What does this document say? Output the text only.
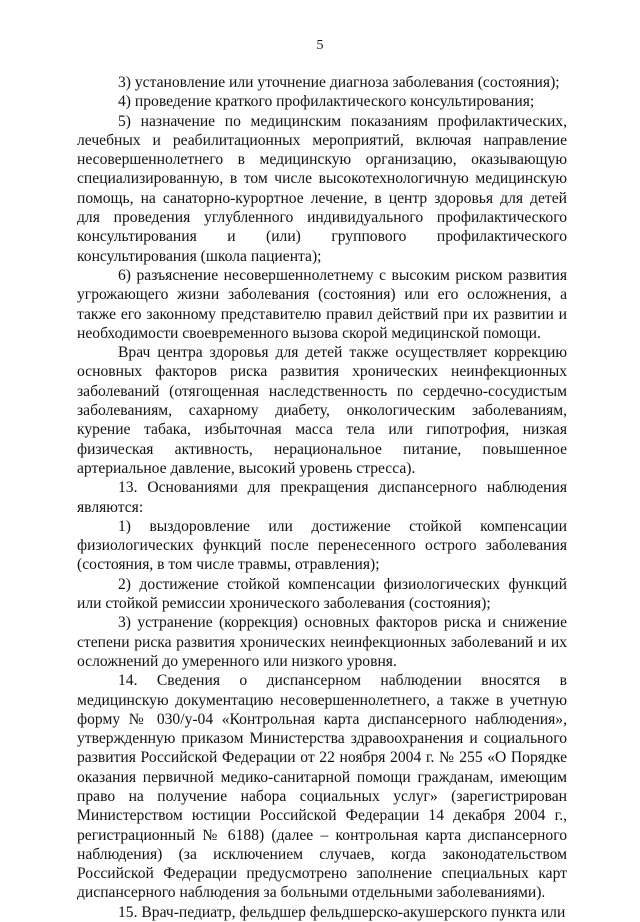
5

3) установление или уточнение диагноза заболевания (состояния);

4) проведение краткого профилактического консультирования;

5) назначение по медицинским показаниям профилактических, лечебных и реабилитационных мероприятий, включая направление несовершеннолетнего в медицинскую организацию, оказывающую специализированную, в том числе высокотехнологичную медицинскую помощь, на санаторно-курортное лечение, в центр здоровья для детей для проведения углубленного индивидуального профилактического консультирования и (или) группового профилактического консультирования (школа пациента);

6) разъяснение несовершеннолетнему с высоким риском развития угрожающего жизни заболевания (состояния) или его осложнения, а также его законному представителю правил действий при их развитии и необходимости своевременного вызова скорой медицинской помощи.

Врач центра здоровья для детей также осуществляет коррекцию основных факторов риска развития хронических неинфекционных заболеваний (отягощенная наследственность по сердечно-сосудистым заболеваниям, сахарному диабету, онкологическим заболеваниям, курение табака, избыточная масса тела или гипотрофия, низкая физическая активность, нерациональное питание, повышенное артериальное давление, высокий уровень стресса).

13. Основаниями для прекращения диспансерного наблюдения являются:

1) выздоровление или достижение стойкой компенсации физиологических функций после перенесенного острого заболевания (состояния, в том числе травмы, отравления);

2) достижение стойкой компенсации физиологических функций или стойкой ремиссии хронического заболевания (состояния);

3) устранение (коррекция) основных факторов риска и снижение степени риска развития хронических неинфекционных заболеваний и их осложнений до умеренного или низкого уровня.

14. Сведения о диспансерном наблюдении вносятся в медицинскую документацию несовершеннолетнего, а также в учетную форму № 030/у-04 «Контрольная карта диспансерного наблюдения», утвержденную приказом Министерства здравоохранения и социального развития Российской Федерации от 22 ноября 2004 г. № 255 «О Порядке оказания первичной медико-санитарной помощи гражданам, имеющим право на получение набора социальных услуг» (зарегистрирован Министерством юстиции Российской Федерации 14 декабря 2004 г., регистрационный № 6188) (далее – контрольная карта диспансерного наблюдения) (за исключением случаев, когда законодательством Российской Федерации предусмотрено заполнение специальных карт диспансерного наблюдения за больными отдельными заболеваниями).

15. Врач-педиатр, фельдшер фельдшерско-акушерского пункта или
